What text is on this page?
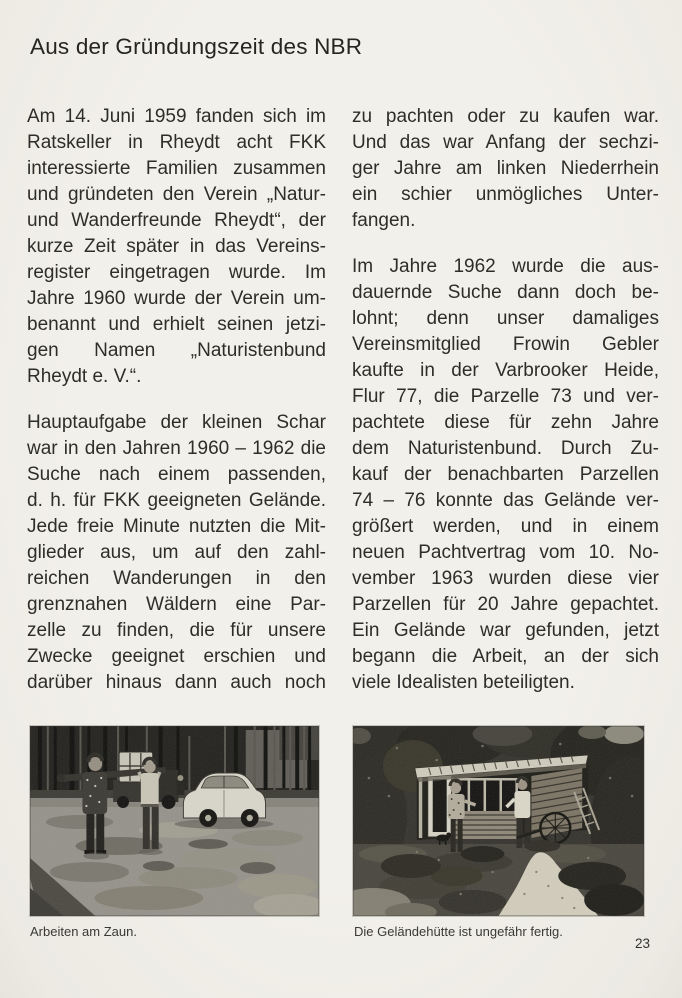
Aus der Gründungszeit des NBR
Am 14. Juni 1959 fanden sich im
Ratskeller in Rheydt acht FKK
interessierte Familien zusammen
und gründeten den Verein „Natur-
und Wanderfreunde Rheydt“, der
kurze Zeit später in das Vereins-
register eingetragen wurde. Im
Jahre 1960 wurde der Verein um-
benannt und erhielt seinen jetzi-
gen Namen „Naturistenbund
Rheydt e. V.“.
Hauptaufgabe der kleinen Schar
war in den Jahren 1960 – 1962 die
Suche nach einem passenden,
d. h. für FKK geeigneten Gelände.
Jede freie Minute nutzten die Mit-
glieder aus, um auf den zahl-
reichen Wanderungen in den
grenznahen Wäldern eine Par-
zelle zu finden, die für unsere
Zwecke geeignet erschien und
darüber hinaus dann auch noch
zu pachten oder zu kaufen war.
Und das war Anfang der sechzi-
ger Jahre am linken Niederrhein
ein schier unmögliches Unter-
fangen.
Im Jahre 1962 wurde die aus-
dauernde Suche dann doch be-
lohnt; denn unser damaliges
Vereinsmitglied Frowin Gebler
kaufte in der Varbrooker Heide,
Flur 77, die Parzelle 73 und ver-
pachtete diese für zehn Jahre
dem Naturistenbund. Durch Zu-
kauf der benachbarten Parzellen
74 – 76 konnte das Gelände ver-
größert werden, und in einem
neuen Pachtvertrag vom 10. No-
vember 1963 wurden diese vier
Parzellen für 20 Jahre gepachtet.
Ein Gelände war gefunden, jetzt
begann die Arbeit, an der sich
viele Idealisten beteiligten.
Arbeiten am Zaun.	Die Geländehütte ist ungefähr fertig.
23
